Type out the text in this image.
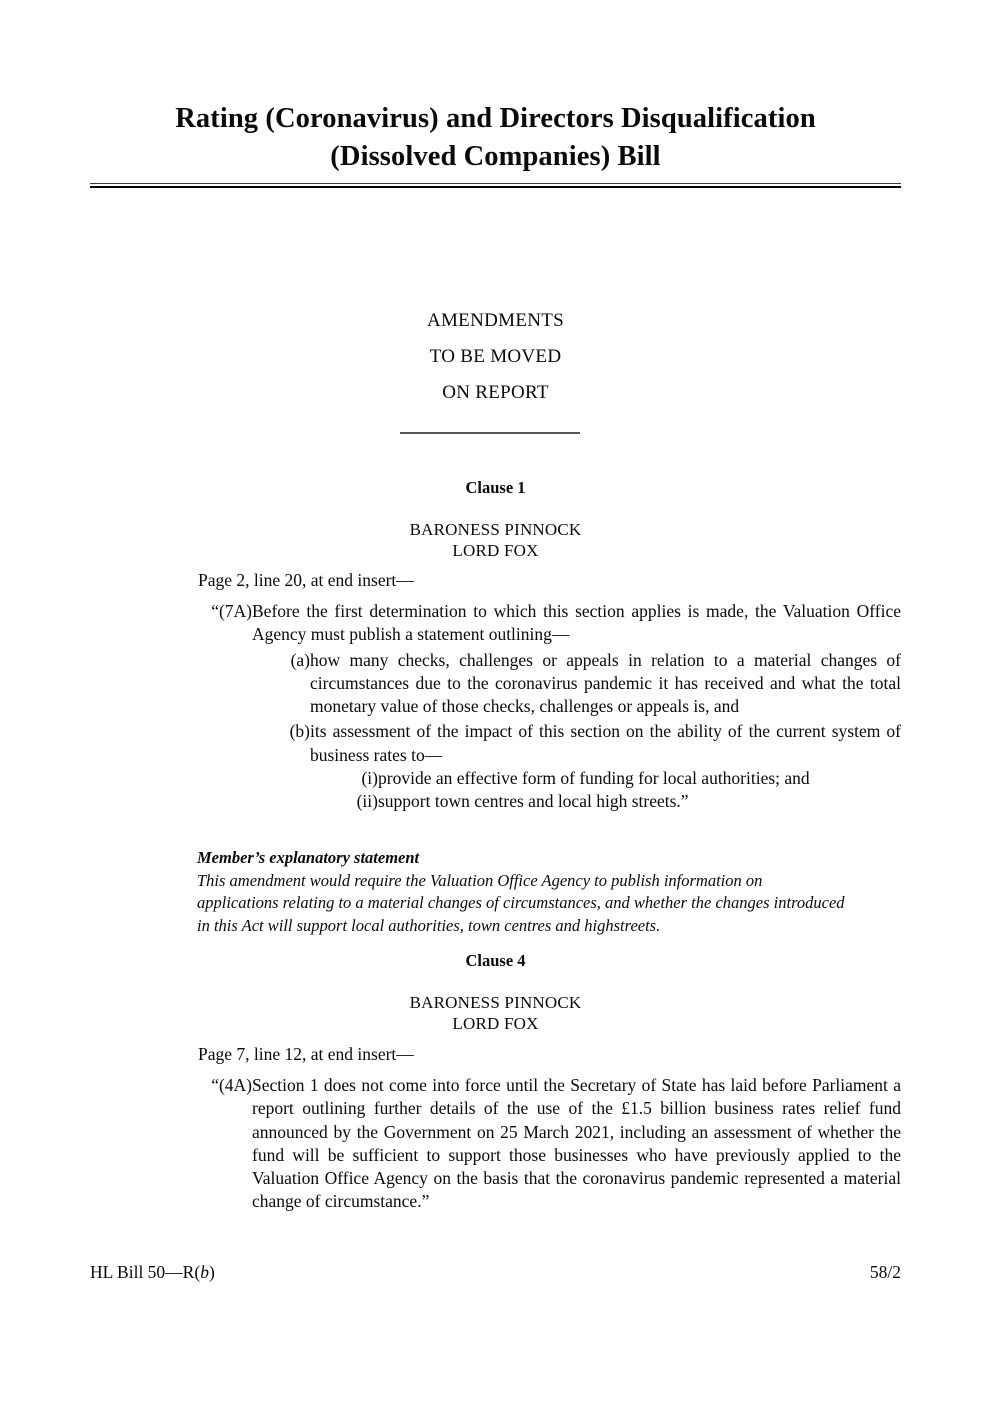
Rating (Coronavirus) and Directors Disqualification
(Dissolved Companies) Bill
AMENDMENTS
TO BE MOVED
ON REPORT
Clause 1
BARONESS PINNOCK
LORD FOX
Page 2, line 20, at end insert—
“(7A) Before the first determination to which this section applies is made, the Valuation Office Agency must publish a statement outlining—
(a) how many checks, challenges or appeals in relation to a material changes of circumstances due to the coronavirus pandemic it has received and what the total monetary value of those checks, challenges or appeals is, and
(b) its assessment of the impact of this section on the ability of the current system of business rates to—
(i) provide an effective form of funding for local authorities; and
(ii) support town centres and local high streets.”
Member’s explanatory statement
This amendment would require the Valuation Office Agency to publish information on applications relating to a material changes of circumstances, and whether the changes introduced in this Act will support local authorities, town centres and highstreets.
Clause 4
BARONESS PINNOCK
LORD FOX
Page 7, line 12, at end insert—
“(4A) Section 1 does not come into force until the Secretary of State has laid before Parliament a report outlining further details of the use of the £1.5 billion business rates relief fund announced by the Government on 25 March 2021, including an assessment of whether the fund will be sufficient to support those businesses who have previously applied to the Valuation Office Agency on the basis that the coronavirus pandemic represented a material change of circumstance.”
HL Bill 50—R(b)	58/2
